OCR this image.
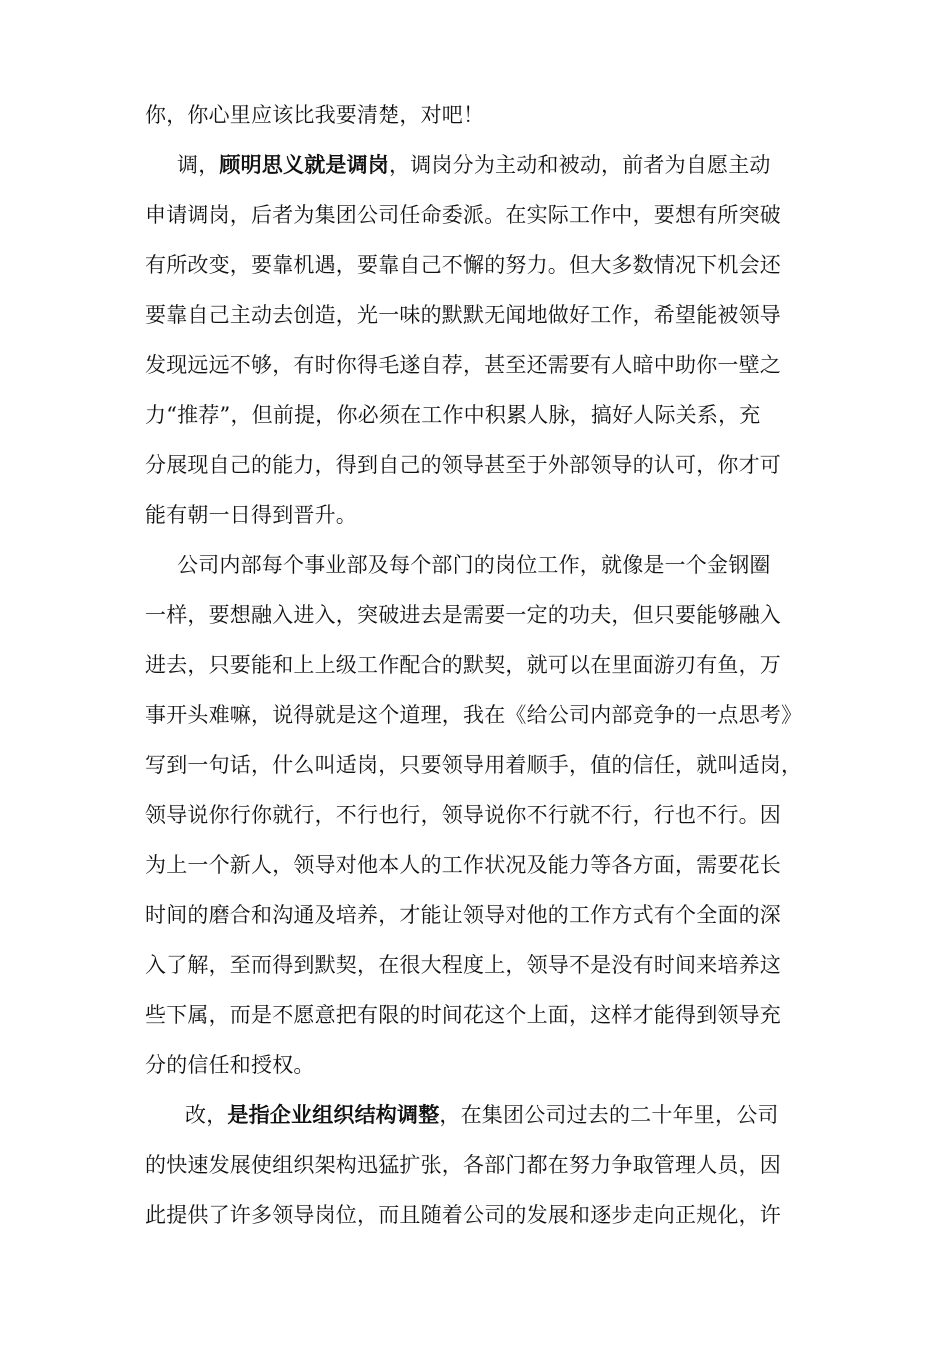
你，你心里应该比我要清楚，对吧！
调，顾明思义就是调岗，调岗分为主动和被动，前者为自愿主动
申请调岗，后者为集团公司任命委派。在实际工作中，要想有所突破
有所改变，要靠机遇，要靠自己不懈的努力。但大多数情况下机会还
要靠自己主动去创造，光一味的默默无闻地做好工作，希望能被领导
发现远远不够，有时你得毛遂自荐，甚至还需要有人暗中助你一壁之
力“推荐”，但前提，你必须在工作中积累人脉，搞好人际关系，充
分展现自己的能力，得到自己的领导甚至于外部领导的认可，你才可
能有朝一日得到晋升。
公司内部每个事业部及每个部门的岗位工作，就像是一个金钢圈
一样，要想融入进入，突破进去是需要一定的功夫，但只要能够融入
进去，只要能和上上级工作配合的默契，就可以在里面游刃有鱼，万
事开头难嘛，说得就是这个道理，我在《给公司内部竞争的一点思考》
写到一句话，什么叫适岗，只要领导用着顺手，值的信任，就叫适岗，
领导说你行你就行，不行也行，领导说你不行就不行，行也不行。因
为上一个新人，领导对他本人的工作状况及能力等各方面，需要花长
时间的磨合和沟通及培养，才能让领导对他的工作方式有个全面的深
入了解，至而得到默契，在很大程度上，领导不是没有时间来培养这
些下属，而是不愿意把有限的时间花这个上面，这样才能得到领导充
分的信任和授权。
改，是指企业组织结构调整，在集团公司过去的二十年里，公司
的快速发展使组织架构迅猛扩张，各部门都在努力争取管理人员，因
此提供了许多领导岗位，而且随着公司的发展和逐步走向正规化，许
